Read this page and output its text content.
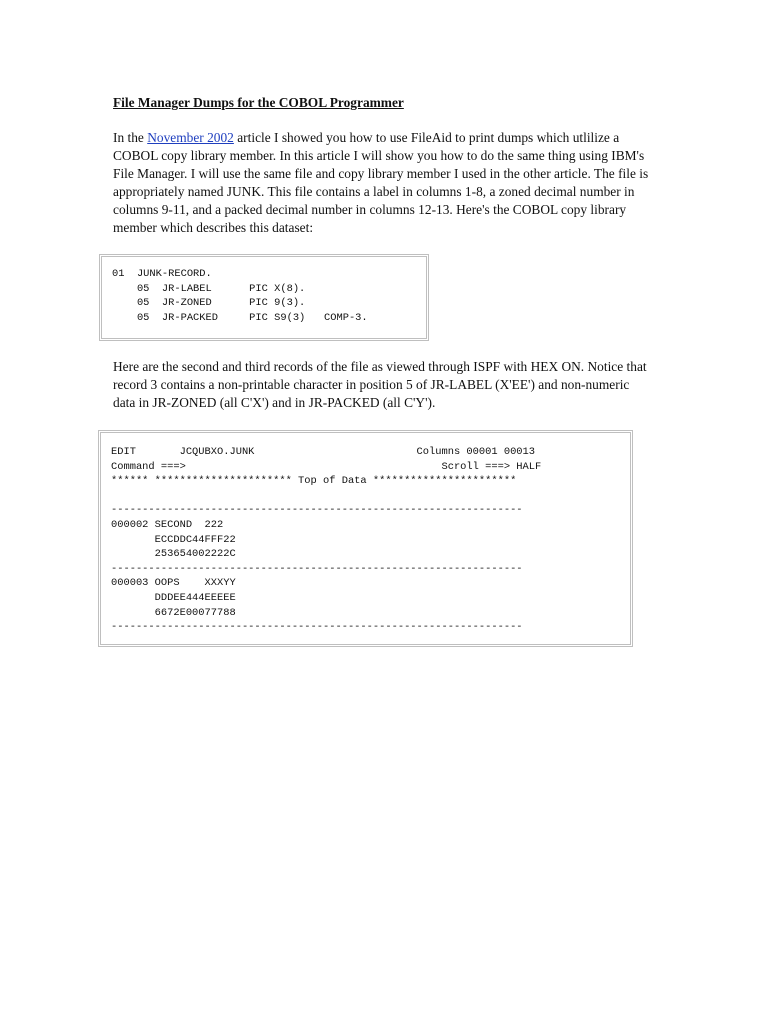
File Manager Dumps for the COBOL Programmer

In the November 2002 article I showed you how to use FileAid to print dumps which utlilize a COBOL copy library member. In this article I will show you how to do the same thing using IBM's File Manager. I will use the same file and copy library member I used in the other article. The file is appropriately named JUNK. This file contains a label in columns 1-8, a zoned decimal number in columns 9-11, and a packed decimal number in columns 12-13. Here's the COBOL copy library member which describes this dataset:

01  JUNK-RECORD.
05  JR-LABEL      PIC X(8).
05  JR-ZONED      PIC 9(3).
05  JR-PACKED     PIC S9(3)   COMP-3.

Here are the second and third records of the file as viewed through ISPF with HEX ON. Notice that record 3 contains a non-printable character in position 5 of JR-LABEL (X'EE') and non-numeric data in JR-ZONED (all C'X') and in JR-PACKED (all C'Y').

EDIT       JCQUBXO.JUNK                          Columns 00001 00013
Command ===>                                         Scroll ===> HALF
****** ********************** Top of Data ***********************

------------------------------------------------------------------
000002 SECOND  222
ECCDDC44FFF22
253654002222C
------------------------------------------------------------------
000003 OOPS    XXXYY
DDDEE444EEEEE
6672E00077788
------------------------------------------------------------------
